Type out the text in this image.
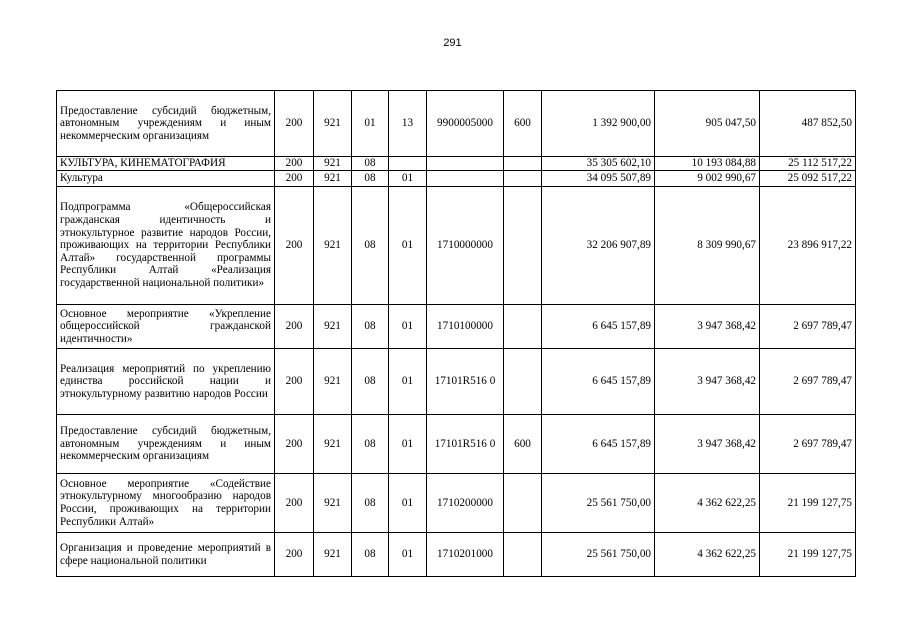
291
Предоставление субсидий бюджетным, автономным учреждениям и иным некоммерческим организациям	200	921	01	13	9900005000	600	1 392 900,00	905 047,50	487 852,50
КУЛЬТУРА, КИНЕМАТОГРАФИЯ	200	921	08				35 305 602,10	10 193 084,88	25 112 517,22
Культура	200	921	08	01			34 095 507,89	9 002 990,67	25 092 517,22
Подпрограмма «Общероссийская гражданская идентичность и этнокультурное развитие народов России, проживающих на территории Республики Алтай» государственной программы Республики Алтай «Реализация государственной национальной политики»	200	921	08	01	1710000000		32 206 907,89	8 309 990,67	23 896 917,22
Основное мероприятие «Укрепление общероссийской гражданской идентичности»	200	921	08	01	1710100000		6 645 157,89	3 947 368,42	2 697 789,47
Реализация мероприятий по укреплению единства российской нации и этнокультурному развитию народов России	200	921	08	01	17101R516 0		6 645 157,89	3 947 368,42	2 697 789,47
Предоставление субсидий бюджетным, автономным учреждениям и иным некоммерческим организациям	200	921	08	01	17101R516 0	600	6 645 157,89	3 947 368,42	2 697 789,47
Основное мероприятие «Содействие этнокультурному многообразию народов России, проживающих на территории Республики Алтай»	200	921	08	01	1710200000		25 561 750,00	4 362 622,25	21 199 127,75
Организация и проведение мероприятий в сфере национальной политики	200	921	08	01	1710201000		25 561 750,00	4 362 622,25	21 199 127,75
